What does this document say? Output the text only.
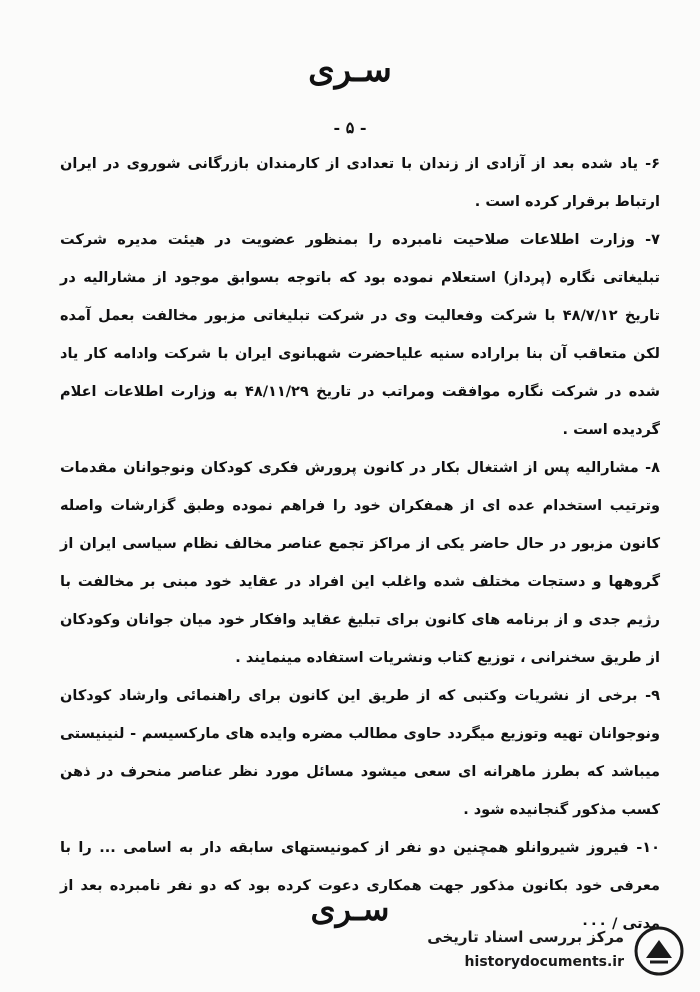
سـری
- ۵ -

۶- یاد شده بعد از آزادی از زندان با تعدادی از کارمندان بازرگانی شوروی در ایران ارتباط برقرار کرده است .

۷- وزارت اطلاعات صلاحیت نامبرده را بمنظور عضویت در هیئت مدیره شرکت تبلیغاتی نگاره (پرداز) استعلام نموده بود که باتوجه بسوابق موجود از مشارالیه در تاریخ ۴۸/۷/۱۲ با شرکت وفعالیت وی در شرکت تبلیغاتی مزبور مخالفت بعمل آمده لکن متعاقب آن بنا براراده سنیه علیاحضرت شهبانوی ایران با شرکت وادامه کار یاد شده در شرکت نگاره موافقت ومراتب در تاریخ ۴۸/۱۱/۲۹ به وزارت اطلاعات اعلام گردیده است .

۸- مشارالیه پس از اشتغال بکار در کانون پرورش فکری کودکان ونوجوانان مقدمات وترتیب استخدام عده ای از همفکران خود را فراهم نموده وطبق گزارشات واصله کانون مزبور در حال حاضر یکی از مراکز تجمع عناصر مخالف نظام سیاسی ایران از گروهها و دستجات مختلف شده واغلب این افراد در عقاید خود مبنی بر مخالفت با رژیم جدی و از برنامه های کانون برای تبلیغ عقاید وافکار خود میان جوانان وکودکان از طریق سخنرانی ، توزیع کتاب ونشریات استفاده مینمایند .

۹- برخی از نشریات وکتبی که از طریق این کانون برای راهنمائی وارشاد کودکان ونوجوانان تهیه وتوزیع میگردد حاوی مطالب مضره وایده های مارکسیسم - لنینیستی میباشد که بطرز ماهرانه ای سعی میشود مسائل مورد نظر عناصر منحرف در ذهن کسب مذکور گنجانیده شود .

۱۰- فیروز شیروانلو همچنین دو نفر از کمونیستهای سابقه دار به اسامی ... را با معرفی خود بکانون مذکور جهت همکاری دعوت کرده بود که دو نفر نامبرده بعد از مدتی / ۰۰۰

سـری
مرکز بررسی اسناد تاریخی
historydocuments.ir
